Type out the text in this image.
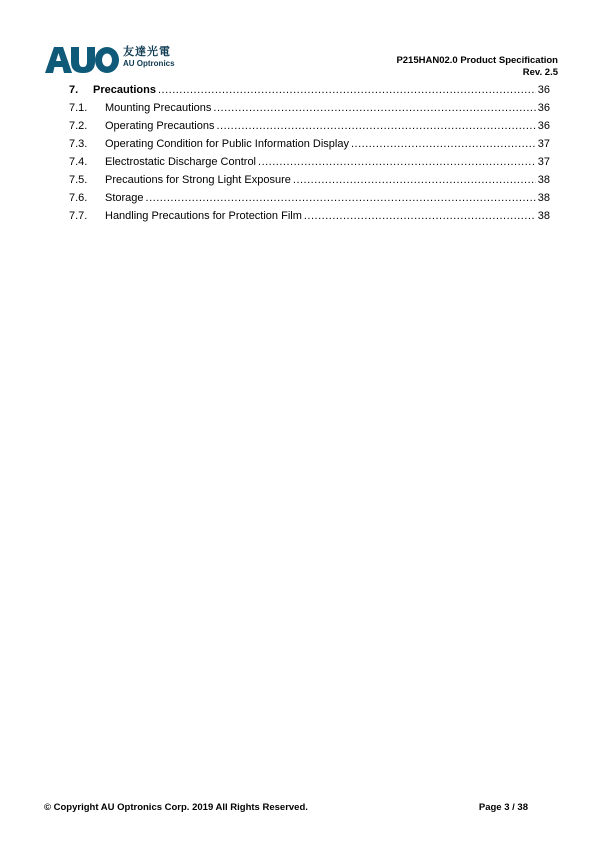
友達光電
AU Optronics	P215HAN02.0 Product Specification
Rev. 2.5
7.	Precautions .....	36
7.1.	Mounting Precautions .....	36
7.2.	Operating Precautions .....	36
7.3.	Operating Condition for Public Information Display .....	37
7.4.	Electrostatic Discharge Control .....	37
7.5.	Precautions for Strong Light Exposure .....	38
7.6.	Storage .....	38
7.7.	Handling Precautions for Protection Film .....	38
© Copyright AU Optronics Corp. 2019 All Rights Reserved.	Page 3 / 38
